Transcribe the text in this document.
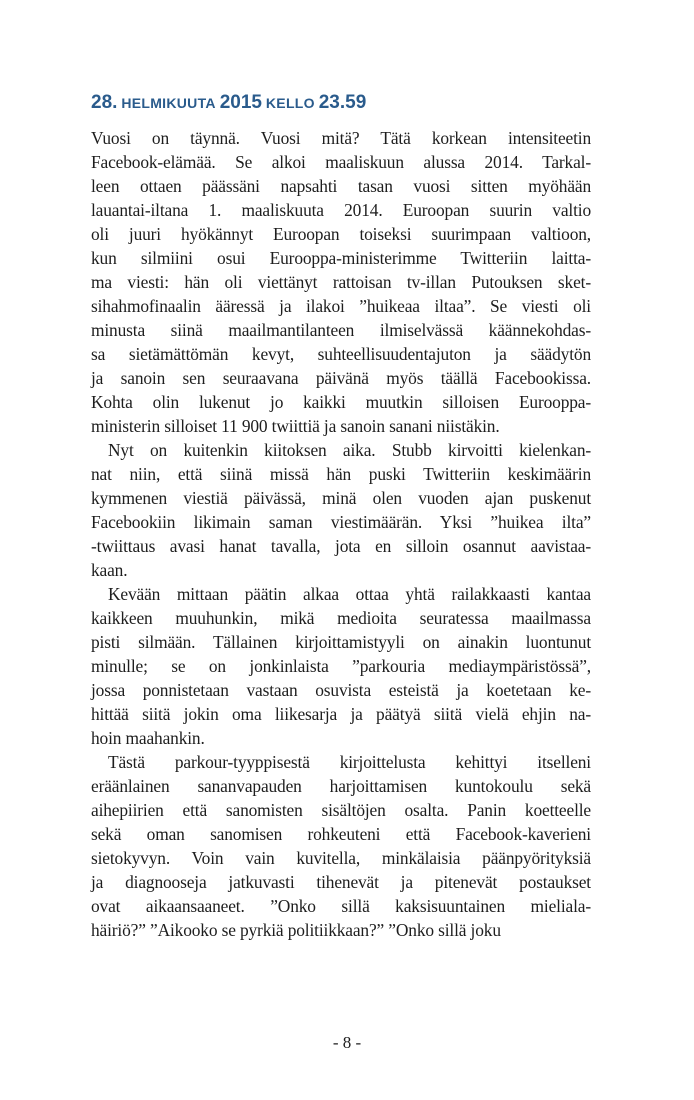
28. HELMIKUUTA 2015 KELLO 23.59
Vuosi on täynnä. Vuosi mitä? Tätä korkean intensiteetin
Facebook-elämää. Se alkoi maaliskuun alussa 2014. Tarkal-
leen ottaen päässäni napsahti tasan vuosi sitten myöhään
lauantai-iltana 1. maaliskuuta 2014. Euroopan suurin valtio
oli juuri hyökännyt Euroopan toiseksi suurimpaan valtioon,
kun silmiini osui Eurooppa-ministerimme Twitteriin laitta-
ma viesti: hän oli viettänyt rattoisan tv-illan Putouksen sket-
sihahmofinaalin ääressä ja ilakoi ”huikeaa iltaa”. Se viesti oli
minusta siinä maailmantilanteen ilmiselvässä käännekohdas-
sa sietämättömän kevyt, suhteellisuudentajuton ja säädytön
ja sanoin sen seuraavana päivänä myös täällä Facebookissa.
Kohta olin lukenut jo kaikki muutkin silloisen Eurooppa-
ministerin silloiset 11 900 twiittiä ja sanoin sanani niistäkin.
Nyt on kuitenkin kiitoksen aika. Stubb kirvoitti kielenkan-
nat niin, että siinä missä hän puski Twitteriin keskimäärin
kymmenen viestiä päivässä, minä olen vuoden ajan puskenut
Facebookiin likimain saman viestimäärän. Yksi ”huikea ilta”
-twiittaus avasi hanat tavalla, jota en silloin osannut aavistaa-
kaan.
Kevään mittaan päätin alkaa ottaa yhtä railakkaasti kantaa
kaikkeen muuhunkin, mikä medioita seuratessa maailmassa
pisti silmään. Tällainen kirjoittamistyyli on ainakin luontunut
minulle; se on jonkinlaista ”parkouria mediaympäristössä”,
jossa ponnistetaan vastaan osuvista esteistä ja koetetaan ke-
hittää siitä jokin oma liikesarja ja päätyä siitä vielä ehjin na-
hoin maahankin.
Tästä parkour-tyyppisestä kirjoittelusta kehittyi itselleni
eräänlainen sananvapauden harjoittamisen kuntokoulu sekä
aihepiirien että sanomisten sisältöjen osalta. Panin koetteelle
sekä oman sanomisen rohkeuteni että Facebook-kaverieni
sietokyvyn. Voin vain kuvitella, minkälaisia päänpyörityksiä
ja diagnooseja jatkuvasti tihenevät ja pitenevät postaukset
ovat aikaansaaneet. ”Onko sillä kaksisuuntainen mieliala-
häiriö?” ”Aikooko se pyrkiä politiikkaan?” ”Onko sillä joku
- 8 -
